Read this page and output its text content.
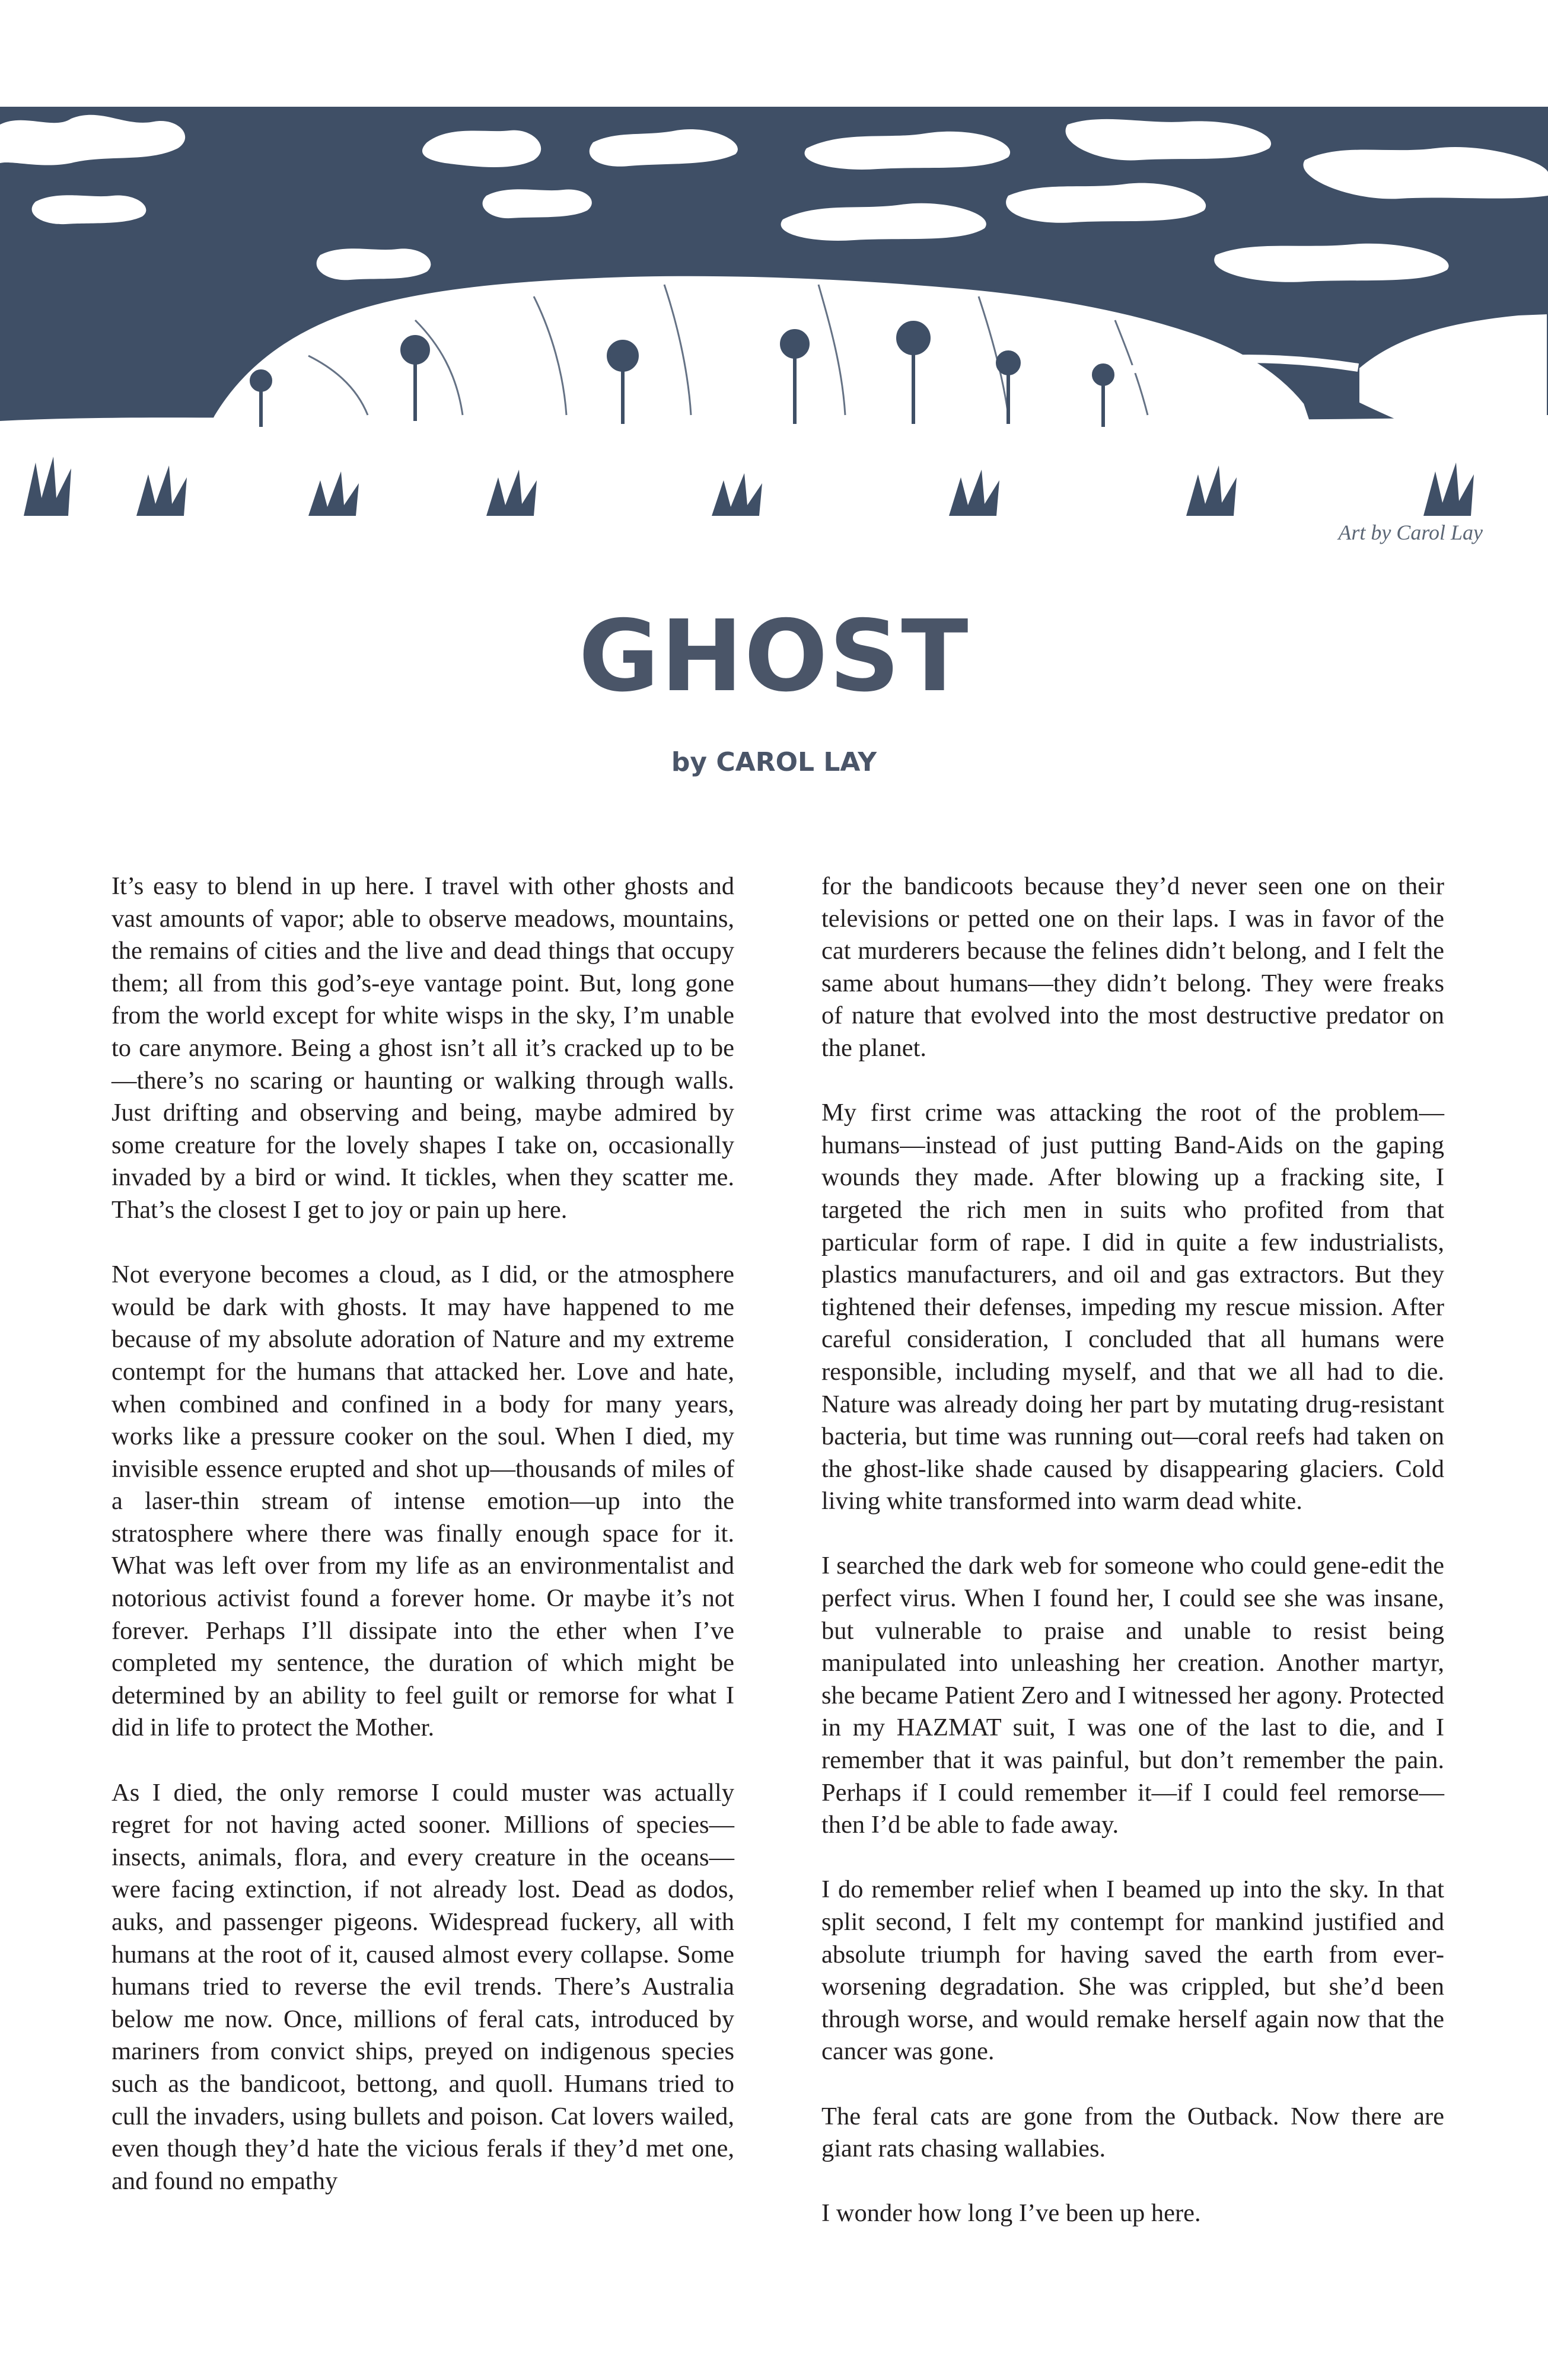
Art by Carol Lay
GHOST
by CAROL LAY

It’s easy to blend in up here. I travel with other ghosts and vast amounts of vapor; able to observe meadows, mountains, the remains of cities and the live and dead things that occupy them; all from this god’s-eye vantage point. But, long gone from the world except for white wisps in the sky, I’m unable to care anymore. Being a ghost isn’t all it’s cracked up to be—there’s no scaring or haunting or walking through walls. Just drifting and observing and being, maybe admired by some creature for the lovely shapes I take on, occasionally invaded by a bird or wind. It tickles, when they scatter me. That’s the closest I get to joy or pain up here.

Not everyone becomes a cloud, as I did, or the atmosphere would be dark with ghosts. It may have happened to me because of my absolute adoration of Nature and my extreme contempt for the humans that attacked her. Love and hate, when combined and confined in a body for many years, works like a pressure cooker on the soul. When I died, my invisible essence erupted and shot up—thousands of miles of a laser-thin stream of intense emotion—up into the stratosphere where there was finally enough space for it. What was left over from my life as an environmentalist and notorious activist found a forever home. Or maybe it’s not forever. Perhaps I’ll dissipate into the ether when I’ve completed my sentence, the duration of which might be determined by an ability to feel guilt or remorse for what I did in life to protect the Mother.

As I died, the only remorse I could muster was actually regret for not having acted sooner. Millions of species—insects, animals, flora, and every creature in the oceans—were facing extinction, if not already lost. Dead as dodos, auks, and passenger pigeons. Widespread fuckery, all with humans at the root of it, caused almost every collapse. Some humans tried to reverse the evil trends. There’s Australia below me now. Once, millions of feral cats, introduced by mariners from convict ships, preyed on indigenous species such as the bandicoot, bettong, and quoll. Humans tried to cull the invaders, using bullets and poison. Cat lovers wailed, even though they’d hate the vicious ferals if they’d met one, and found no empathy

for the bandicoots because they’d never seen one on their televisions or petted one on their laps. I was in favor of the cat murderers because the felines didn’t belong, and I felt the same about humans—they didn’t belong. They were freaks of nature that evolved into the most destructive predator on the planet.

My first crime was attacking the root of the problem—humans—instead of just putting Band-Aids on the gaping wounds they made. After blowing up a fracking site, I targeted the rich men in suits who profited from that particular form of rape. I did in quite a few industrialists, plastics manufacturers, and oil and gas extractors. But they tightened their defenses, impeding my rescue mission. After careful consideration, I concluded that all humans were responsible, including myself, and that we all had to die. Nature was already doing her part by mutating drug-resistant bacteria, but time was running out—coral reefs had taken on the ghost-like shade caused by disappearing glaciers. Cold living white transformed into warm dead white.

I searched the dark web for someone who could gene-edit the perfect virus. When I found her, I could see she was insane, but vulnerable to praise and unable to resist being manipulated into unleashing her creation. Another martyr, she became Patient Zero and I witnessed her agony. Protected in my HAZMAT suit, I was one of the last to die, and I remember that it was painful, but don’t remember the pain. Perhaps if I could remember it—if I could feel remorse—then I’d be able to fade away.

I do remember relief when I beamed up into the sky. In that split second, I felt my contempt for mankind justified and absolute triumph for having saved the earth from ever-worsening degradation. She was crippled, but she’d been through worse, and would remake herself again now that the cancer was gone.

The feral cats are gone from the Outback. Now there are giant rats chasing wallabies.

I wonder how long I’ve been up here.
